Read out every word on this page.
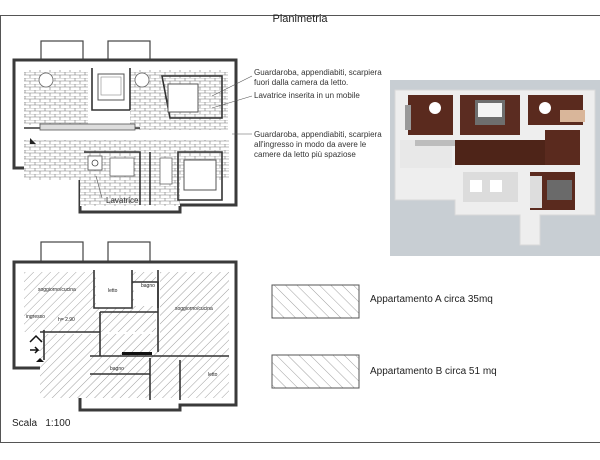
Planimetria
Guardaroba, appendiabiti, scarpiera
fuori dalla camera da letto.
Lavatrice inserita in un mobile
Guardaroba, appendiabiti, scarpiera
all'ingresso in modo da avere le
camere da letto più spaziose
Lavatrice
soggiorno/cucina	letto
bagno
soggiorno/cucina
ingresso	h= 2.90
bagno
letto
Appartamento A circa 35mq
Appartamento B circa 51 mq
Scala 1:100
